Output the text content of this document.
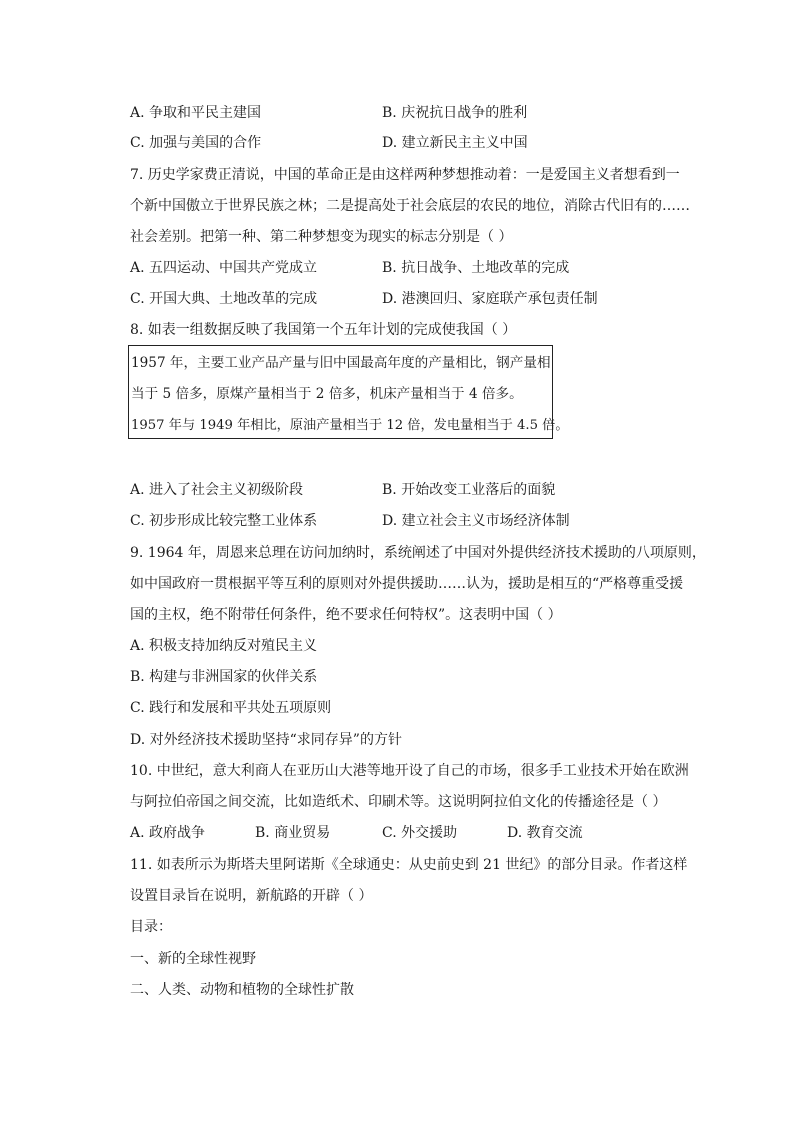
A. 争取和平民主建国	B. 庆祝抗日战争的胜利
C. 加强与美国的合作	D. 建立新民主主义中国
7. 历史学家费正清说，中国的革命正是由这样两种梦想推动着：一是爱国主义者想看到一
个新中国傲立于世界民族之林；二是提高处于社会底层的农民的地位，消除古代旧有的……
社会差别。把第一种、第二种梦想变为现实的标志分别是（ ）
A. 五四运动、中国共产党成立	B. 抗日战争、土地改革的完成
C. 开国大典、土地改革的完成	D. 港澳回归、家庭联产承包责任制
8. 如表一组数据反映了我国第一个五年计划的完成使我国（ ）
1957 年，主要工业产品产量与旧中国最高年度的产量相比，钢产量相
当于 5 倍多，原煤产量相当于 2 倍多，机床产量相当于 4 倍多。
1957 年与 1949 年相比，原油产量相当于 12 倍，发电量相当于 4.5 倍。
A. 进入了社会主义初级阶段	B. 开始改变工业落后的面貌
C. 初步形成比较完整工业体系	D. 建立社会主义市场经济体制
9. 1964 年，周恩来总理在访问加纳时，系统阐述了中国对外提供经济技术援助的八项原则，
如中国政府一贯根据平等互利的原则对外提供援助……认为，援助是相互的“严格尊重受援
国的主权，绝不附带任何条件，绝不要求任何特权”。这表明中国（ ）
A. 积极支持加纳反对殖民主义
B. 构建与非洲国家的伙伴关系
C. 践行和发展和平共处五项原则
D. 对外经济技术援助坚持“求同存异”的方针
10. 中世纪，意大利商人在亚历山大港等地开设了自己的市场，很多手工业技术开始在欧洲
与阿拉伯帝国之间交流，比如造纸术、印刷术等。这说明阿拉伯文化的传播途径是（ ）
A. 政府战争	B. 商业贸易	C. 外交援助	D. 教育交流
11. 如表所示为斯塔夫里阿诺斯《全球通史：从史前史到 21 世纪》的部分目录。作者这样
设置目录旨在说明，新航路的开辟（ ）
目录：
一、新的全球性视野
二、人类、动物和植物的全球性扩散
